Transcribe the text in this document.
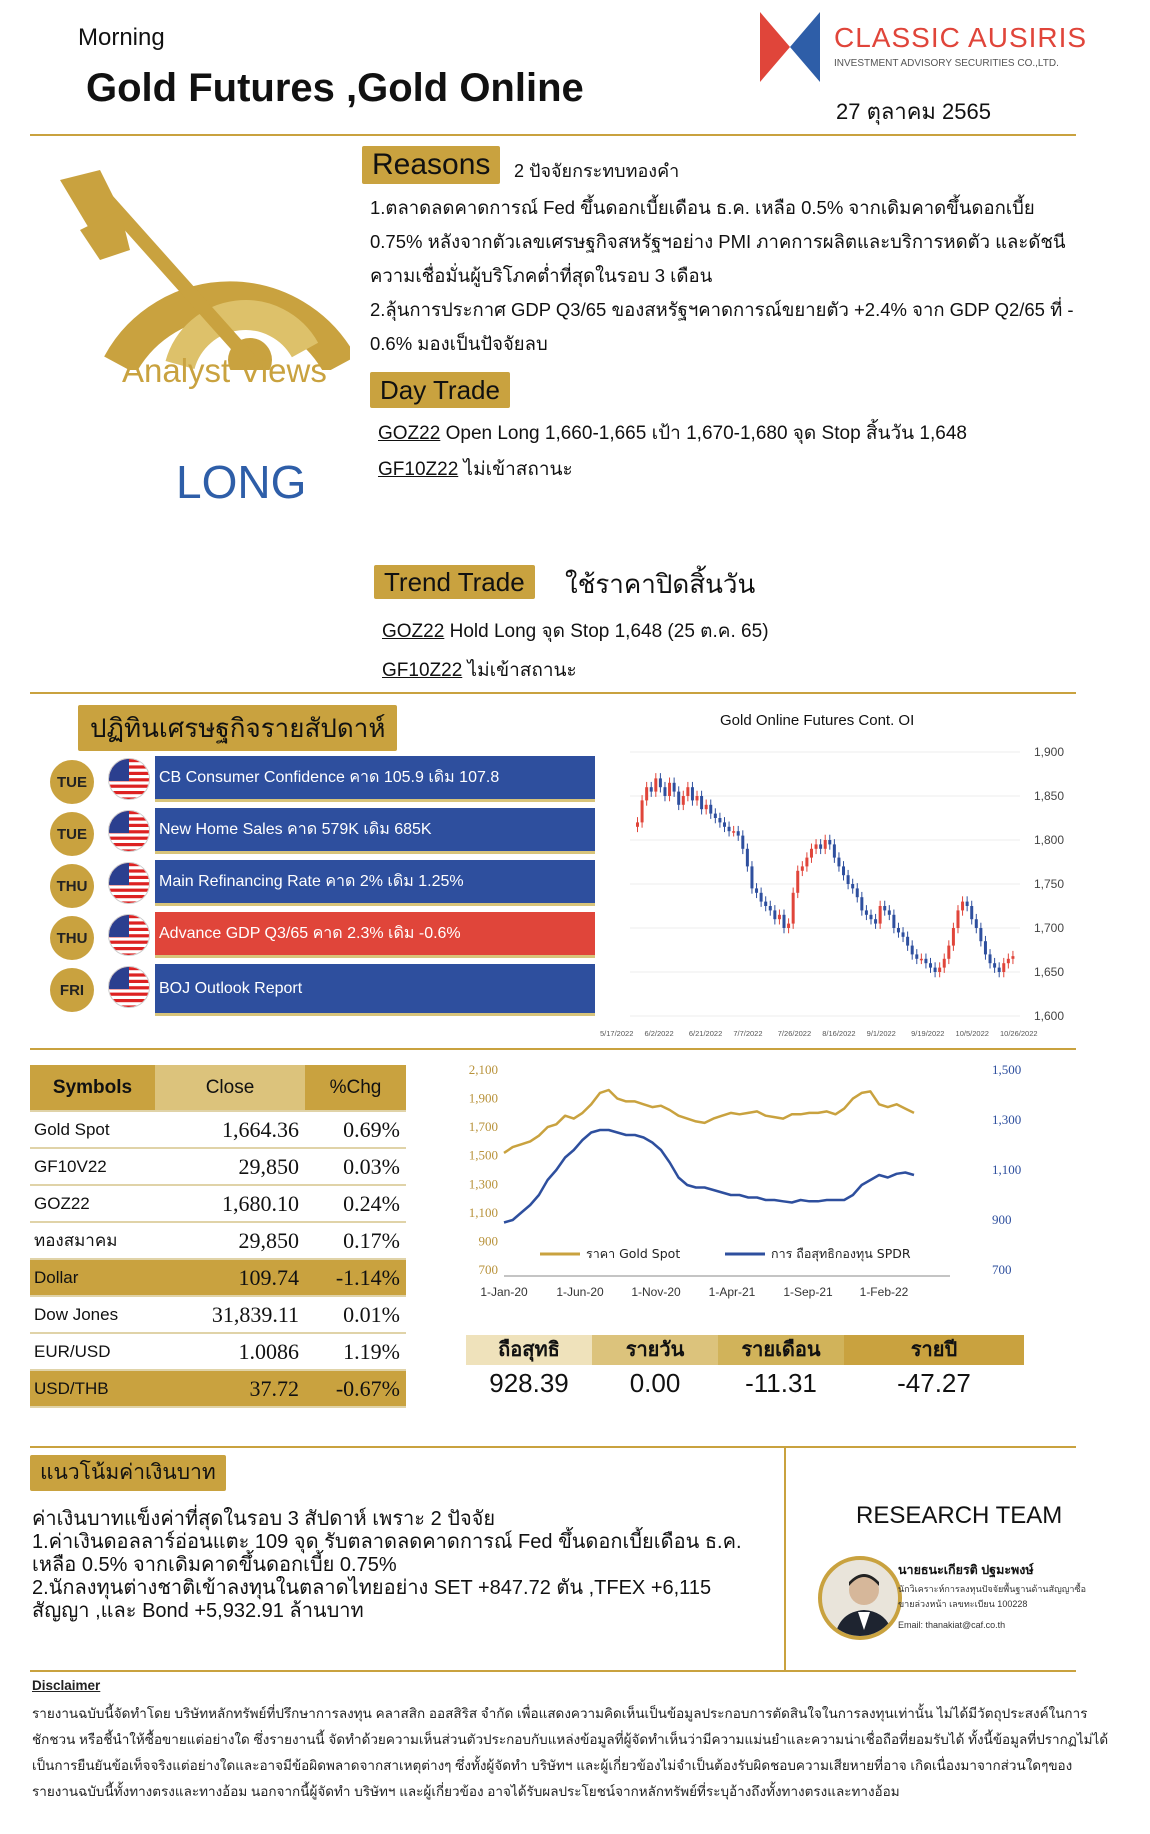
Morning
Gold Futures ,Gold Online
CLASSIC AUSIRIS
INVESTMENT ADVISORY SECURITIES CO.,LTD.
27 ตุลาคม 2565
Analyst Views
LONG
Reasons	2 ปัจจัยกระทบทองคำ
1.ตลาดลดคาดการณ์ Fed ขึ้นดอกเบี้ยเดือน ธ.ค. เหลือ 0.5% จากเดิมคาดขึ้นดอกเบี้ย
0.75% หลังจากตัวเลขเศรษฐกิจสหรัฐฯอย่าง PMI ภาคการผลิตและบริการหดตัว และดัชนี
ความเชื่อมั่นผู้บริโภคต่ำที่สุดในรอบ 3 เดือน
2.ลุ้นการประกาศ GDP Q3/65 ของสหรัฐฯคาดการณ์ขยายตัว +2.4% จาก GDP Q2/65 ที่ -
0.6% มองเป็นปัจจัยลบ
Day Trade
GOZ22 Open Long 1,660-1,665 เป้า 1,670-1,680 จุด Stop สิ้นวัน 1,648
GF10Z22 ไม่เข้าสถานะ
Trend Trade	ใช้ราคาปิดสิ้นวัน
GOZ22 Hold Long จุด Stop 1,648 (25 ต.ค. 65)
GF10Z22 ไม่เข้าสถานะ
ปฏิทินเศรษฐกิจรายสัปดาห์
TUE	CB Consumer Confidence คาด 105.9 เดิม 107.8
TUE	New Home Sales คาด 579K เดิม 685K
THU	Main Refinancing Rate คาด 2% เดิม 1.25%
THU	Advance GDP Q3/65 คาด 2.3% เดิม -0.6%
FRI	BOJ Outlook Report
Gold Online Futures Cont. OI
1,900
1,850
1,800
1,750
1,700
1,650
1,600
5/17/2022 6/2/2022 6/21/2022 7/7/2022 7/26/2022 8/16/2022 9/1/2022 9/19/2022 10/5/2022 10/26/2022
Symbols	Close	%Chg
Gold Spot	1,664.36	0.69%
GF10V22	29,850	0.03%
GOZ22	1,680.10	0.24%
ทองสมาคม	29,850	0.17%
Dollar	109.74	-1.14%
Dow Jones	31,839.11	0.01%
EUR/USD	1.0086	1.19%
USD/THB	37.72	-0.67%
2,100
1,900
1,700
1,500
1,300
1,100
900
700
1,500
1,300
1,100
900
700
1-Jan-20 1-Jun-20 1-Nov-20 1-Apr-21 1-Sep-21 1-Feb-22
ราคา Gold Spot	การ ถือสุทธิกองทุน SPDR
ถือสุทธิ	รายวัน	รายเดือน	รายปี
928.39	0.00	-11.31	-47.27
แนวโน้มค่าเงินบาท
ค่าเงินบาทแข็งค่าที่สุดในรอบ 3 สัปดาห์ เพราะ 2 ปัจจัย
1.ค่าเงินดอลลาร์อ่อนแตะ 109 จุด รับตลาดลดคาดการณ์ Fed ขึ้นดอกเบี้ยเดือน ธ.ค.
เหลือ 0.5% จากเดิมคาดขึ้นดอกเบี้ย 0.75%
2.นักลงทุนต่างชาติเข้าลงทุนในตลาดไทยอย่าง SET +847.72 ตัน ,TFEX +6,115
สัญญา ,และ Bond +5,932.91 ล้านบาท
RESEARCH TEAM
นายธนะเกียรติ ปฐมะพงษ์
นักวิเคราะห์การลงทุนปัจจัยพื้นฐานด้านสัญญาซื้อขายล่วงหน้า เลขทะเบียน 100228
Email: thanakiat@caf.co.th
Disclaimer
รายงานฉบับนี้จัดทำโดย บริษัทหลักทรัพย์ที่ปรึกษาการลงทุน คลาสสิก ออสสิริส จำกัด เพื่อแสดงความคิดเห็นเป็นข้อมูลประกอบการตัดสินใจในการลงทุนเท่านั้น ไม่ได้มีวัตถุประสงค์ในการ
ชักชวน หรือชี้นำให้ซื้อขายแต่อย่างใด ซึ่งรายงานนี้ จัดทำด้วยความเห็นส่วนตัวประกอบกับแหล่งข้อมูลที่ผู้จัดทำเห็นว่ามีความแม่นยำและความน่าเชื่อถือที่ยอมรับได้ ทั้งนี้ข้อมูลที่ปรากฏไม่ได้
เป็นการยืนยันข้อเท็จจริงแต่อย่างใดและอาจมีข้อผิดพลาดจากสาเหตุต่างๆ ซึ่งทั้งผู้จัดทำ บริษัทฯ และผู้เกี่ยวข้องไม่จำเป็นต้องรับผิดชอบความเสียหายที่อาจ เกิดเนื่องมาจากส่วนใดๆของ
รายงานฉบับนี้ทั้งทางตรงและทางอ้อม นอกจากนี้ผู้จัดทำ บริษัทฯ และผู้เกี่ยวข้อง อาจได้รับผลประโยชน์จากหลักทรัพย์ที่ระบุอ้างถึงทั้งทางตรงและทางอ้อม
